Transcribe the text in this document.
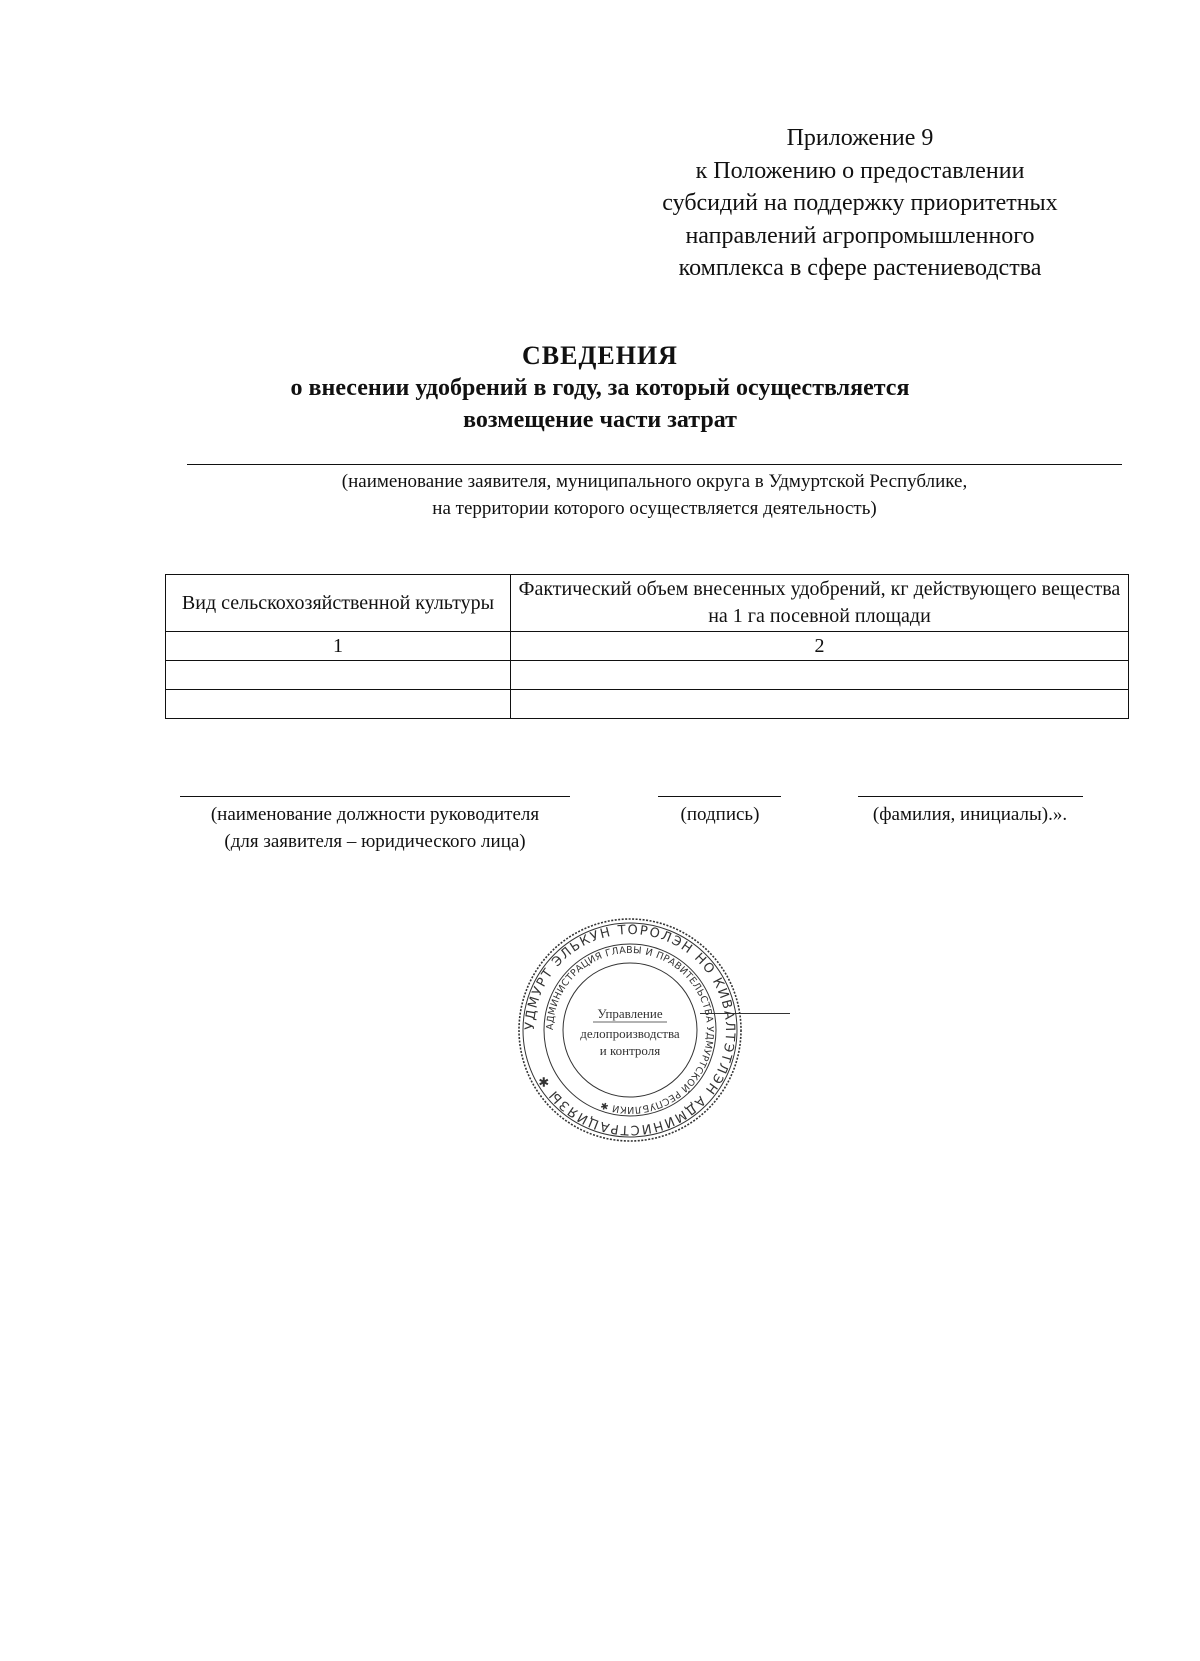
Приложение 9
к Положению о предоставлении
субсидий на поддержку приоритетных
направлений агропромышленного
комплекса в сфере растениеводства
СВЕДЕНИЯ
о внесении удобрений в году, за который осуществляется
возмещение части затрат
(наименование заявителя, муниципального округа в Удмуртской Республике,
на территории которого осуществляется деятельность)
Вид сельскохозяйственной культуры	Фактический объем внесенных удобрений, кг действующего вещества на 1 га посевной площади
1	2

(наименование должности руководителя
(для заявителя – юридического лица)
(подпись)	(фамилия, инициалы).».
УДМУРТ ЭЛЬКУН ТОРОЛЭН НО КИВАЛТЭТЛЭН АДМИНИСТРАЦИЯЗЫ ✱
АДМИНИСТРАЦИЯ ГЛАВЫ И ПРАВИТЕЛЬСТВА УДМУРТСКОЙ РЕСПУБЛИКИ ✱
Управление
делопроизводства
и контроля
